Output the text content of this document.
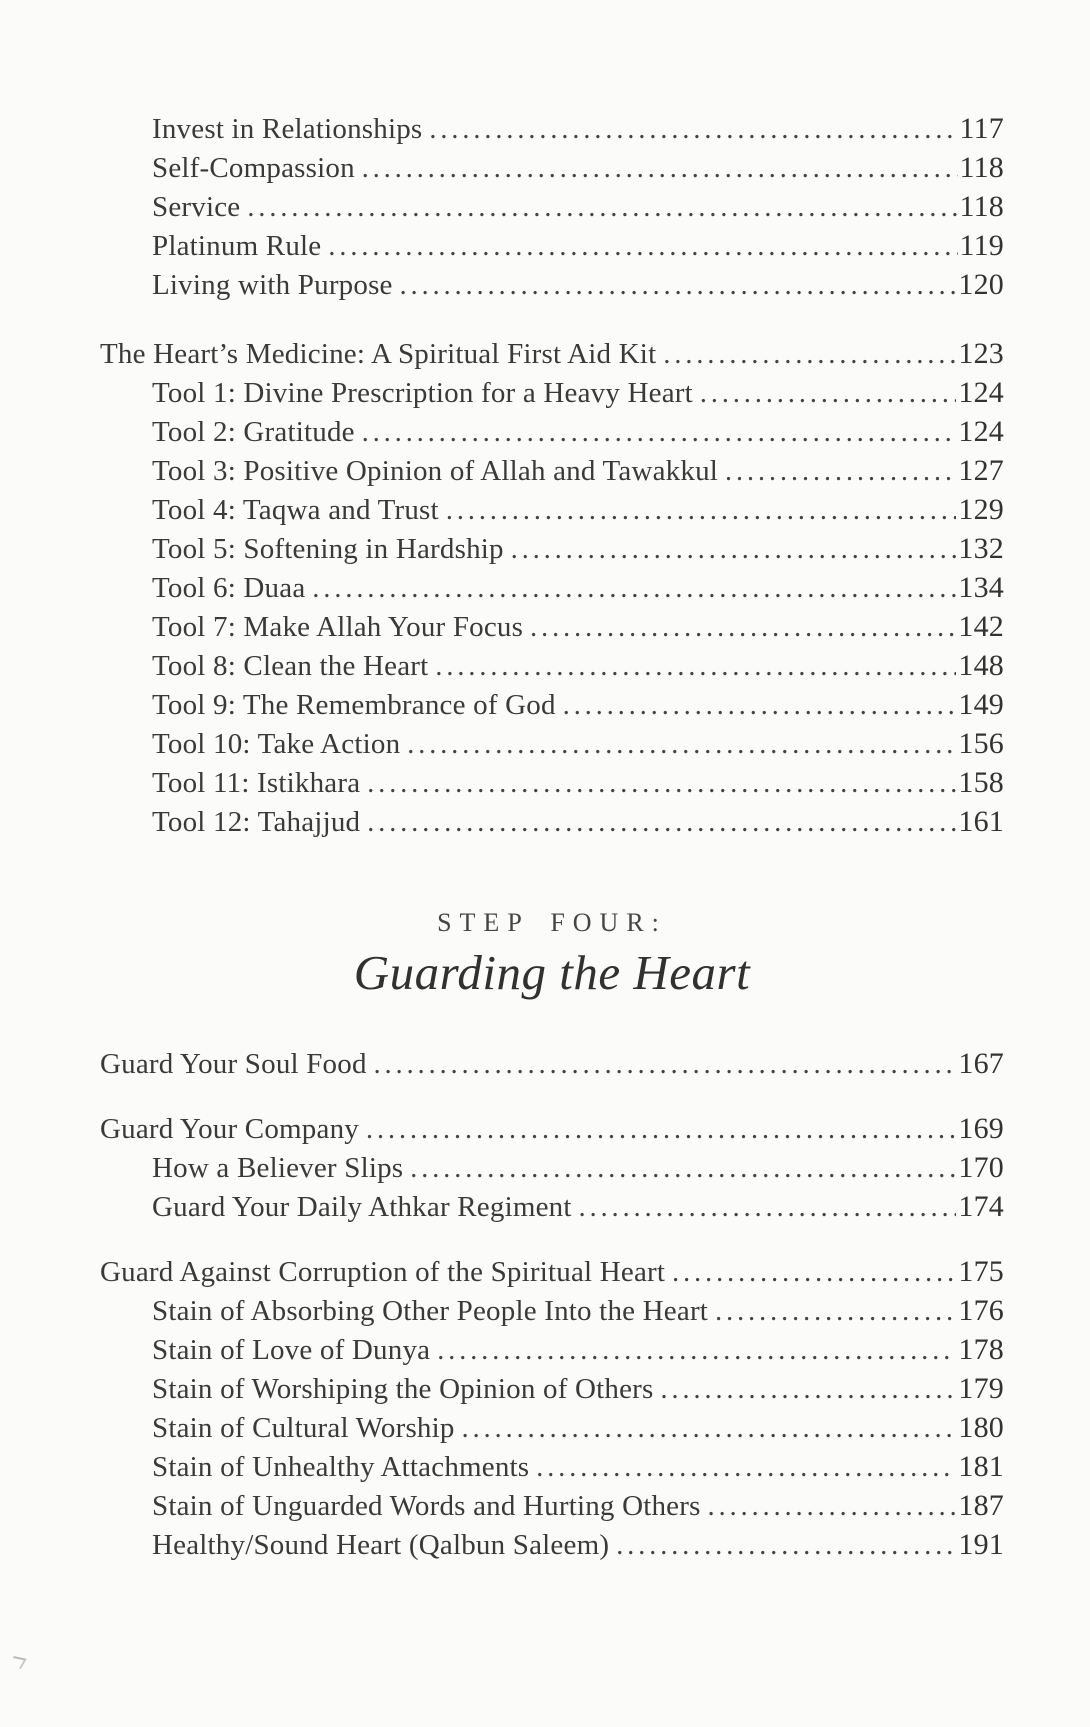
Invest in Relationships .....	117
Self-Compassion .....	118
Service .....	118
Platinum Rule .....	119
Living with Purpose .....	120
The Heart’s Medicine: A Spiritual First Aid Kit .....	123
Tool 1: Divine Prescription for a Heavy Heart .....	124
Tool 2: Gratitude .....	124
Tool 3: Positive Opinion of Allah and Tawakkul .....	127
Tool 4: Taqwa and Trust .....	129
Tool 5: Softening in Hardship .....	132
Tool 6: Duaa .....	134
Tool 7: Make Allah Your Focus .....	142
Tool 8: Clean the Heart .....	148
Tool 9: The Remembrance of God .....	149
Tool 10: Take Action .....	156
Tool 11: Istikhara .....	158
Tool 12: Tahajjud .....	161
STEP FOUR:
Guarding the Heart
Guard Your Soul Food .....	167
Guard Your Company .....	169
How a Believer Slips .....	170
Guard Your Daily Athkar Regiment .....	174
Guard Against Corruption of the Spiritual Heart .....	175
Stain of Absorbing Other People Into the Heart .....	176
Stain of Love of Dunya .....	178
Stain of Worshiping the Opinion of Others .....	179
Stain of Cultural Worship .....	180
Stain of Unhealthy Attachments .....	181
Stain of Unguarded Words and Hurting Others .....	187
Healthy/Sound Heart (Qalbun Saleem) .....	191
